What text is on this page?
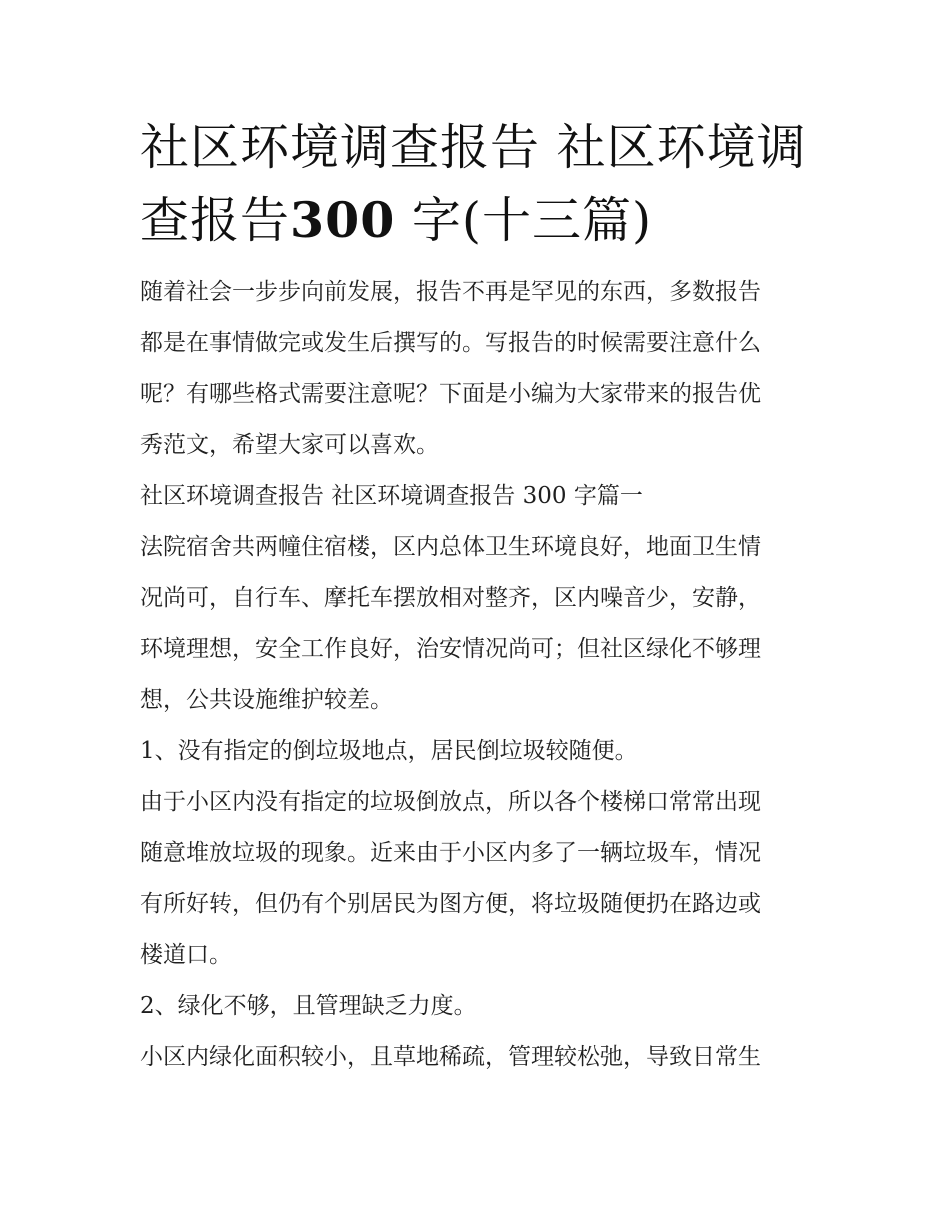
社区环境调查报告 社区环境调
查报告300 字(十三篇)

随着社会一步步向前发展，报告不再是罕见的东西，多数报告
都是在事情做完或发生后撰写的。写报告的时候需要注意什么
呢？有哪些格式需要注意呢？下面是小编为大家带来的报告优
秀范文，希望大家可以喜欢。

社区环境调查报告 社区环境调查报告 300 字篇一

法院宿舍共两幢住宿楼，区内总体卫生环境良好，地面卫生情
况尚可，自行车、摩托车摆放相对整齐，区内噪音少，安静，
环境理想，安全工作良好，治安情况尚可；但社区绿化不够理
想，公共设施维护较差。

1、没有指定的倒垃圾地点，居民倒垃圾较随便。

由于小区内没有指定的垃圾倒放点，所以各个楼梯口常常出现
随意堆放垃圾的现象。近来由于小区内多了一辆垃圾车，情况
有所好转，但仍有个别居民为图方便，将垃圾随便扔在路边或
楼道口。

2、绿化不够，且管理缺乏力度。

小区内绿化面积较小，且草地稀疏，管理较松弛，导致日常生
